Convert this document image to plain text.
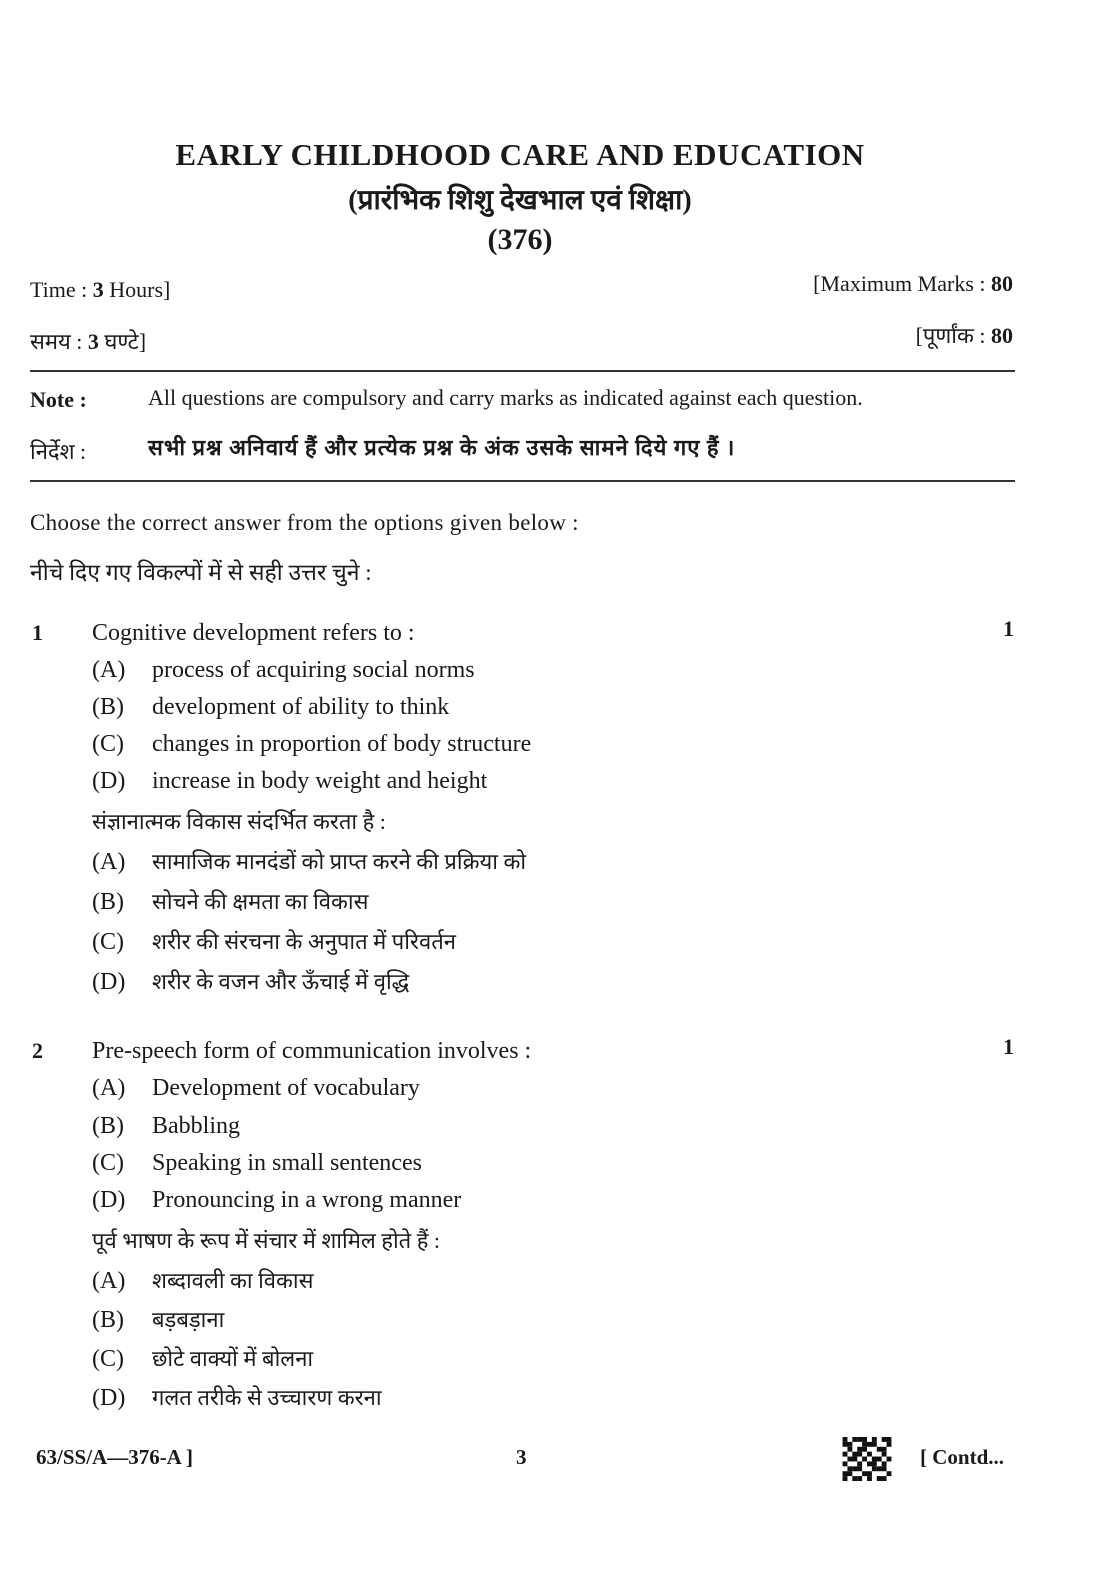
EARLY CHILDHOOD CARE AND EDUCATION
(प्रारंभिक शिशु देखभाल एवं शिक्षा)
(376)
Time : 3 Hours]
समय : 3 घण्टे]
[Maximum Marks : 80
[पूर्णांक : 80
Note :	All questions are compulsory and carry marks as indicated against each question.
निर्देश :	सभी प्रश्न अनिवार्य हैं और प्रत्येक प्रश्न के अंक उसके सामने दिये गए हैं ।
Choose the correct answer from the options given below :
नीचे दिए गए विकल्पों में से सही उत्तर चुने :
1 Cognitive development refers to :	1
(A) process of acquiring social norms
(B) development of ability to think
(C) changes in proportion of body structure
(D) increase in body weight and height
संज्ञानात्मक विकास संदर्भित करता है :
(A) सामाजिक मानदंडों को प्राप्त करने की प्रक्रिया को
(B) सोचने की क्षमता का विकास
(C) शरीर की संरचना के अनुपात में परिवर्तन
(D) शरीर के वजन और ऊँचाई में वृद्धि
2 Pre-speech form of communication involves :	1
(A) Development of vocabulary
(B) Babbling
(C) Speaking in small sentences
(D) Pronouncing in a wrong manner
पूर्व भाषण के रूप में संचार में शामिल होते हैं :
(A) शब्दावली का विकास
(B) बड़बड़ाना
(C) छोटे वाक्यों में बोलना
(D) गलत तरीके से उच्चारण करना
63/SS/A—376-A ]	3	[ Contd...
